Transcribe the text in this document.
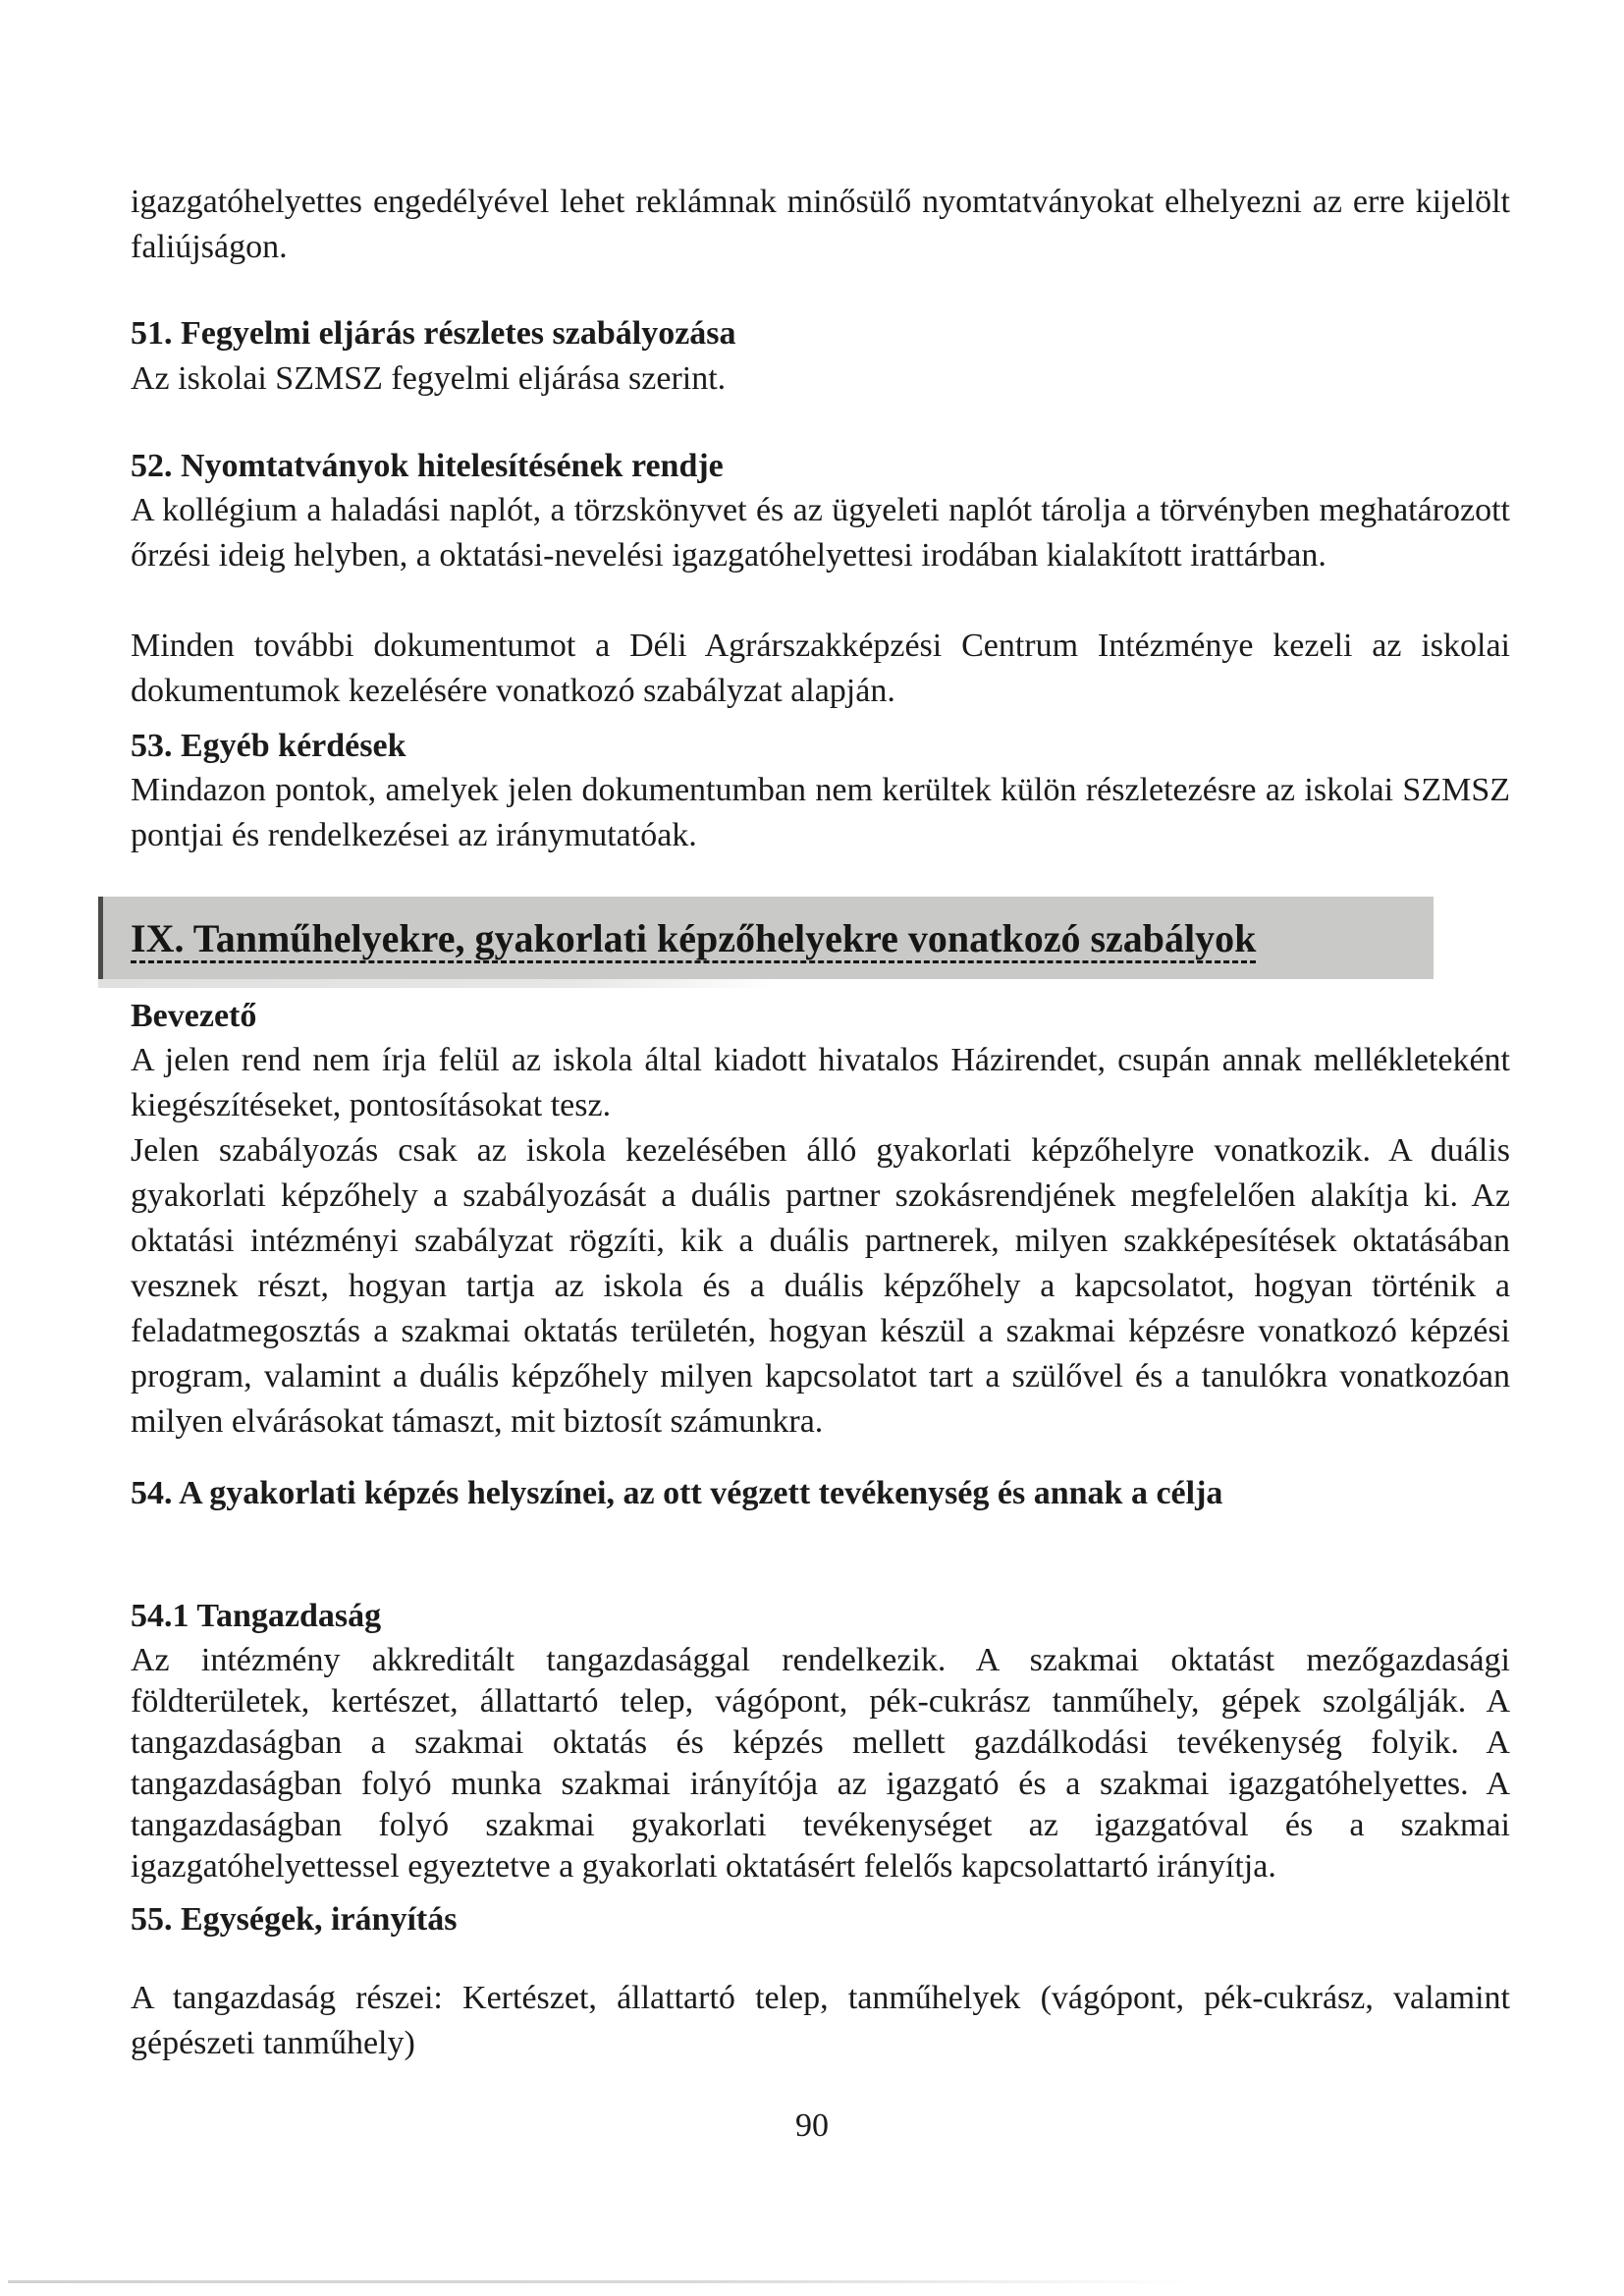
igazgatóhelyettes engedélyével lehet reklámnak minősülő nyomtatványokat elhelyezni az erre kijelölt faliújságon.

51. Fegyelmi eljárás részletes szabályozása

Az iskolai SZMSZ fegyelmi eljárása szerint.

52. Nyomtatványok hitelesítésének rendje

A kollégium a haladási naplót, a törzskönyvet és az ügyeleti naplót tárolja a törvényben meghatározott őrzési ideig helyben, a oktatási-nevelési igazgatóhelyettesi irodában kialakított irattárban.

Minden további dokumentumot a Déli Agrárszakképzési Centrum Intézménye kezeli az iskolai dokumentumok kezelésére vonatkozó szabályzat alapján.

53. Egyéb kérdések

Mindazon pontok, amelyek jelen dokumentumban nem kerültek külön részletezésre az iskolai SZMSZ pontjai és rendelkezései az iránymutatóak.

IX. Tanműhelyekre, gyakorlati képzőhelyekre vonatkozó szabályok
Bevezető

A jelen rend nem írja felül az iskola által kiadott hivatalos Házirendet, csupán annak mellékleteként kiegészítéseket, pontosításokat tesz.

Jelen szabályozás csak az iskola kezelésében álló gyakorlati képzőhelyre vonatkozik. A duális gyakorlati képzőhely a szabályozását a duális partner szokásrendjének megfelelően alakítja ki. Az oktatási intézményi szabályzat rögzíti, kik a duális partnerek, milyen szakképesítések oktatásában vesznek részt, hogyan tartja az iskola és a duális képzőhely a kapcsolatot, hogyan történik a feladatmegosztás a szakmai oktatás területén, hogyan készül a szakmai képzésre vonatkozó képzési program, valamint a duális képzőhely milyen kapcsolatot tart a szülővel és a tanulókra vonatkozóan milyen elvárásokat támaszt, mit biztosít számunkra.

54. A gyakorlati képzés helyszínei, az ott végzett tevékenység és annak a célja
54.1 Tangazdaság

Az intézmény akkreditált tangazdasággal rendelkezik. A szakmai oktatást mezőgazdasági földterületek, kertészet, állattartó telep, vágópont, pék-cukrász tanműhely, gépek szolgálják. A tangazdaságban a szakmai oktatás és képzés mellett gazdálkodási tevékenység folyik. A tangazdaságban folyó munka szakmai irányítója az igazgató és a szakmai igazgatóhelyettes. A tangazdaságban folyó szakmai gyakorlati tevékenységet az igazgatóval és a szakmai igazgatóhelyettessel egyeztetve a gyakorlati oktatásért felelős kapcsolattartó irányítja.

55. Egységek, irányítás

A tangazdaság részei: Kertészet, állattartó telep, tanműhelyek (vágópont, pék-cukrász, valamint gépészeti tanműhely)

90
